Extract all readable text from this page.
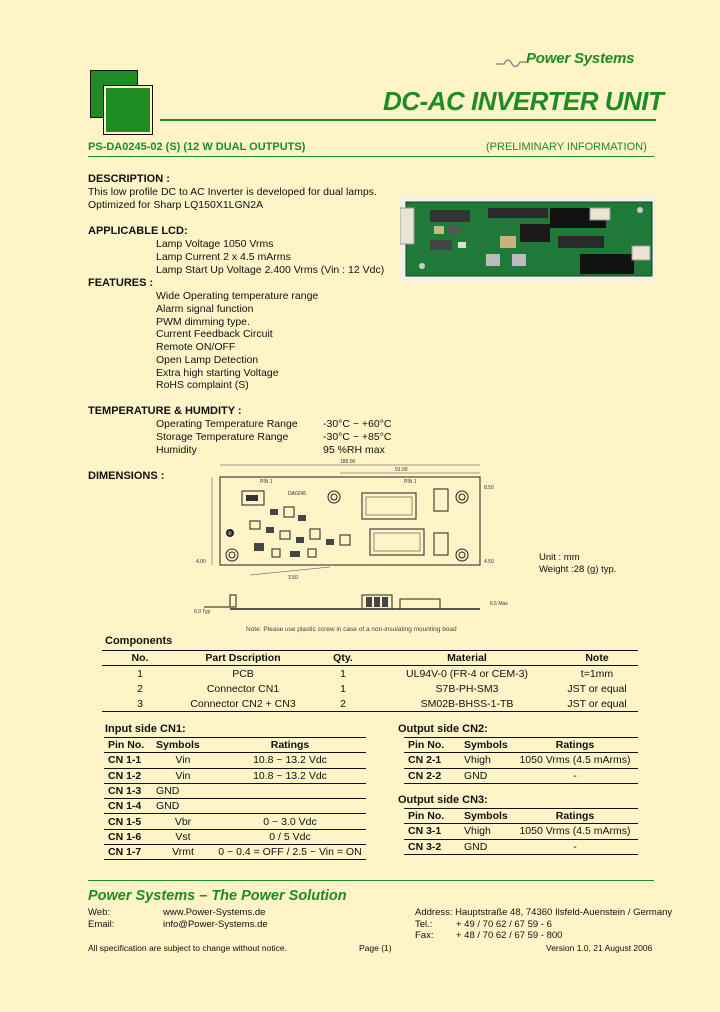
Power Systems
DC-AC INVERTER UNIT
PS-DA0245-02 (S) (12 W DUAL OUTPUTS)	(PRELIMINARY INFORMATION)
DESCRIPTION :
This low profile DC to AC Inverter is developed for dual lamps.
Optimized for Sharp LQ150X1LGN2A
APPLICABLE LCD:
Lamp Voltage 1050 Vrms
Lamp Current 2 x 4.5 mArms
Lamp Start Up Voltage 2.400 Vrms (Vin : 12 Vdc)
FEATURES :
Wide Operating temperature range
Alarm signal function
PWM dimming type.
Current Feedback Circuit
Remote ON/OFF
Open Lamp Detection
Extra high starting Voltage
RoHS complaint (S)
TEMPERATURE & HUMDITY :
Operating Temperature Range -30°C ~ +60°C
Storage Temperature Range	-30°C ~ +85°C
Humidity	95 %RH max
DIMENSIONS :
189.00
91.00
PIN 1
DA0245
PIN 1
②
4.00
3.50
4.50
8.50
6.0 Typ
6.5 Max
Unit : mm
Weight :28 (g) typ.
Note: Please use plastic screw in case of a non-insulating mounting boad
Components
No.	Part Dscription	Qty.	Material	Note
1	PCB	1	UL94V-0 (FR-4 or CEM-3)	t=1mm
2	Connector CN1	1	S7B-PH-SM3	JST or equal
3	Connector CN2 + CN3	2	SM02B-BHSS-1-TB	JST or equal
Input side CN1:
Pin No.	Symbols	Ratings
CN 1-1	Vin	10.8 ~ 13.2 Vdc
CN 1-2	Vin	10.8 ~ 13.2 Vdc
CN 1-3	GND	
CN 1-4	GND	
CN 1-5	Vbr	0 ~ 3.0 Vdc
CN 1-6	Vst	0 / 5 Vdc
CN 1-7	Vrmt	0 ~ 0.4 = OFF / 2.5 ~ Vin = ON
Output side CN2:
Pin No.	Symbols	Ratings
CN 2-1	Vhigh	1050 Vrms (4.5 mArms)
CN 2-2	GND	-
Output side CN3:
Pin No.	Symbols	Ratings
CN 3-1	Vhigh	1050 Vrms (4.5 mArms)
CN 3-2	GND	-
Power Systems – The Power Solution
Web:	www.Power-Systems.de
Email:	info@Power-Systems.de
Address: Hauptstraße 48, 74360 Ilsfeld-Auenstein / Germany
Tel.: + 49 / 70 62 / 67 59 - 6
Fax: + 48 / 70 62 / 67 59 - 800
All specification are subject to change without notice.	Page (1)	Version 1.0, 21 August 2006
